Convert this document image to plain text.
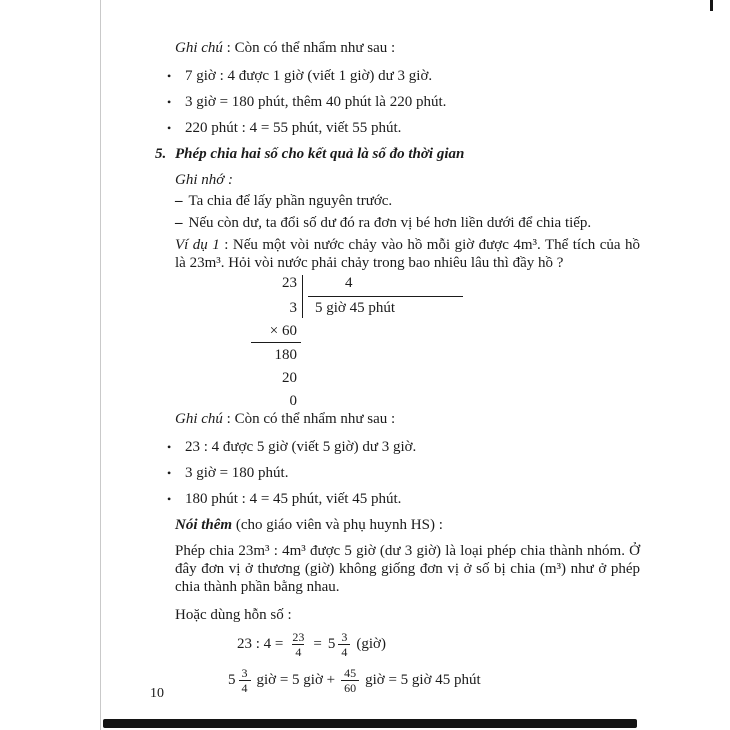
Ghi chú : Còn có thể nhẩm như sau :

• 7 giờ : 4 được 1 giờ (viết 1 giờ) dư 3 giờ.
• 3 giờ = 180 phút, thêm 40 phút là 220 phút.
• 220 phút : 4 = 55 phút, viết 55 phút.

5. Phép chia hai số cho kết quả là số đo thời gian

Ghi nhớ :

– Ta chia để lấy phần nguyên trước.

– Nếu còn dư, ta đổi số dư đó ra đơn vị bé hơn liền dưới để chia tiếp.

Ví dụ 1 : Nếu một vòi nước chảy vào hồ mỗi giờ được 4m³. Thể tích của hồ là 23m³. Hỏi vòi nước phải chảy trong bao nhiêu lâu thì đầy hồ ?

23	4
3 5 giờ 45 phút
× 60
180
20
0

Ghi chú : Còn có thể nhẩm như sau :

• 23 : 4 được 5 giờ (viết 5 giờ) dư 3 giờ.
• 3 giờ = 180 phút.
• 180 phút : 4 = 45 phút, viết 45 phút.

Nói thêm (cho giáo viên và phụ huynh HS) :

Phép chia 23m³ : 4m³ được 5 giờ (dư 3 giờ) là loại phép chia thành nhóm. Ở đây đơn vị ở thương (giờ) không giống đơn vị ở số bị chia (m³) như ở phép chia thành phần bằng nhau.

Hoặc dùng hỗn số :

23 : $4 = \frac{23}{4} = 5 \frac{3}{4}$ (giờ)
$5 \frac{3}{4}$ giờ = 5 giờ + $\frac{45}{60}$ giờ = 5 giờ 45 phút
10
